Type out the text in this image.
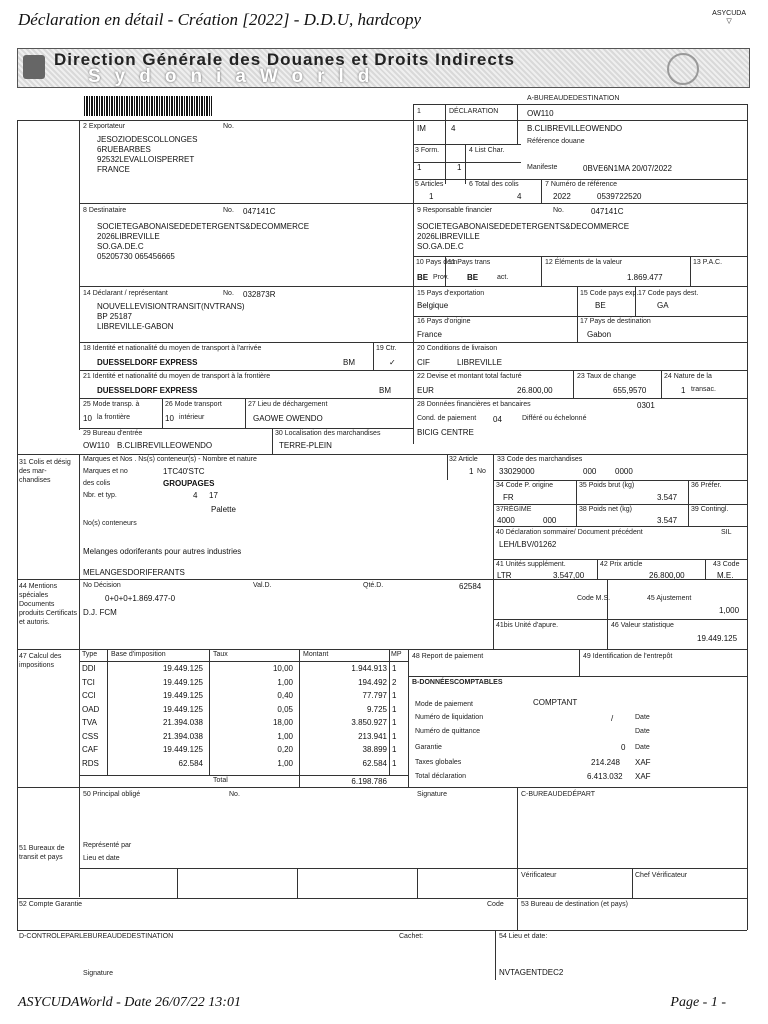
Déclaration en détail - Création [2022] - D.D.U, hardcopy	ASYCUDA
▽
Direction Générale des Douanes et Droits Indirects
SydoniaWorld
A-BUREAUDEDESTINATION
OW110
B.CLIBREVILLEOWENDO
Référence douane
Manifeste	0BVE6N1MA 20/07/2022
1	DÉCLARATION
IM	4
3 Form.
1	1
4 List Char.
5 Articles
1
6 Total des colis
4
7 Numéro de référence
2022	0539722520
2 Exportateur	No.
JESOZIODESCOLLONGES
6RUEBARBES
92532LEVALLOISPERRET
FRANCE
8 Destinataire	No. 047141C
SOCIETEGABONAISEDEDETERGENTS&DECOMMERCE
2026LIBREVILLE
SO.GA.DE.C
05205730 065456665
9 Responsable financier	No.	047141C
SOCIETEGABONAISEDEDETERGENTS&DECOMMERCE
2026LIBREVILLE
SO.GA.DE.C
10 Pays dern.
BE Prov.
11 Pays trans
BE	act.
12 Éléments de la valeur
1.869.477
13 P.A.C.
14 Déclarant / représentant	No. 032873R
NOUVELLEVISIONTRANSIT(NVTRANS)
BP 25187
LIBREVILLE-GABON
15 Pays d'exportation
Belgique
15 Code pays exp.
BE
17 Code pays dest.
GA
16 Pays d'origine
France
17 Pays de destination
Gabon
18 Identité et nationalité du moyen de transport à l'arrivée
DUESSELDORF EXPRESS	BM
19 Ctr.
✓
20 Conditions de livraison
CIF	LIBREVILLE
21 Identité et nationalité du moyen de transport à la frontière
DUESSELDORF EXPRESS	BM
22 Devise et montant total facturé
EUR	26.800,00
23 Taux de change
655,9570
24 Nature de la
1 transac.
25 Mode transp. à
10 la frontière
26 Mode transport
10 intérieur
27 Lieu de déchargement
GAOWE OWENDO
28 Données financières et bancaires	0301
Cond. de paiement 04	Différé ou échelonné
BICIG CENTRE
29 Bureau d'entrée
OW110 B.CLIBREVILLEOWENDO
30 Localisation des marchandises
TERRE-PLEIN
31 Colis et désig des mar-chandises
Marques et Nos . Ns(s) conteneur(s) - Nombre et nature
Marques et no	1TC40'STC
des colis	GROUPAGES
Nbr. et typ.	4 17
Palette
No(s) conteneurs
Melanges odoriferants pour autres industries
MELANGESDORIFERANTS
32 Article
1 No
33 Code des marchandises
33029000	000 0000
34 Code P. origine
FR
35 Poids brut (kg)
3.547
36 Préfer.
37RÉGIME
4000	000
38 Poids net (kg)
3.547
39 Contingl.
40 Déclaration sommaire/ Document précédent	SIL
LEH/LBV/01262
41 Unités supplément.
LTR	3.547,00
42 Prix article
26.800,00
43 Code
M.E.
44 Mentions spéciales Documents produits Certificats et autoris.
No Décision	Val.D.	Qté.D.	62584
0+0+0+1.869.477-0
D.J. FCM
Code M.S.	45 Ajustement
1,000
41bis Unité d'apure.	46 Valeur statistique
19.449.125
47 Calcul des impositions
Type Base d'imposition	Taux	Montant	MP
DDI	19.449.125	10,00	1.944.913 1
TCI	19.449.125	1,00	194.492 2
CCI	19.449.125	0,40	77.797 1
OAD	19.449.125	0,05	9.725 1
TVA	21.394.038	18,00	3.850.927 1
CSS	21.394.038	1,00	213.941 1
CAF	19.449.125	0,20	38.899 1
RDS	62.584	1,00	62.584 1
Total	6.198.786
48 Report de paiement	49 Identification de l'entrepôt
B-DONNÉESCOMPTABLES
Mode de paiement	COMPTANT
Numéro de liquidation	/	Date
Numéro de quittance	Date
Garantie	0 Date
Taxes globales	214.248 XAF
Total déclaration	6.413.032 XAF
50 Principal obligé	No.	Signature	C-BUREAUDEDÉPART
Représenté par
Lieu et date
51 Bureaux de transit et pays
Vérificateur	Chef Vérificateur
52 Compte Garantie	Code 53 Bureau de destination (et pays)
D-CONTROLEPARLEBUREAUDEDESTINATION	Cachet:	54 Lieu et date:
Signature	NVTAGENTDEC2
ASYCUDAWorld - Date 26/07/22 13:01	Page - 1 -
